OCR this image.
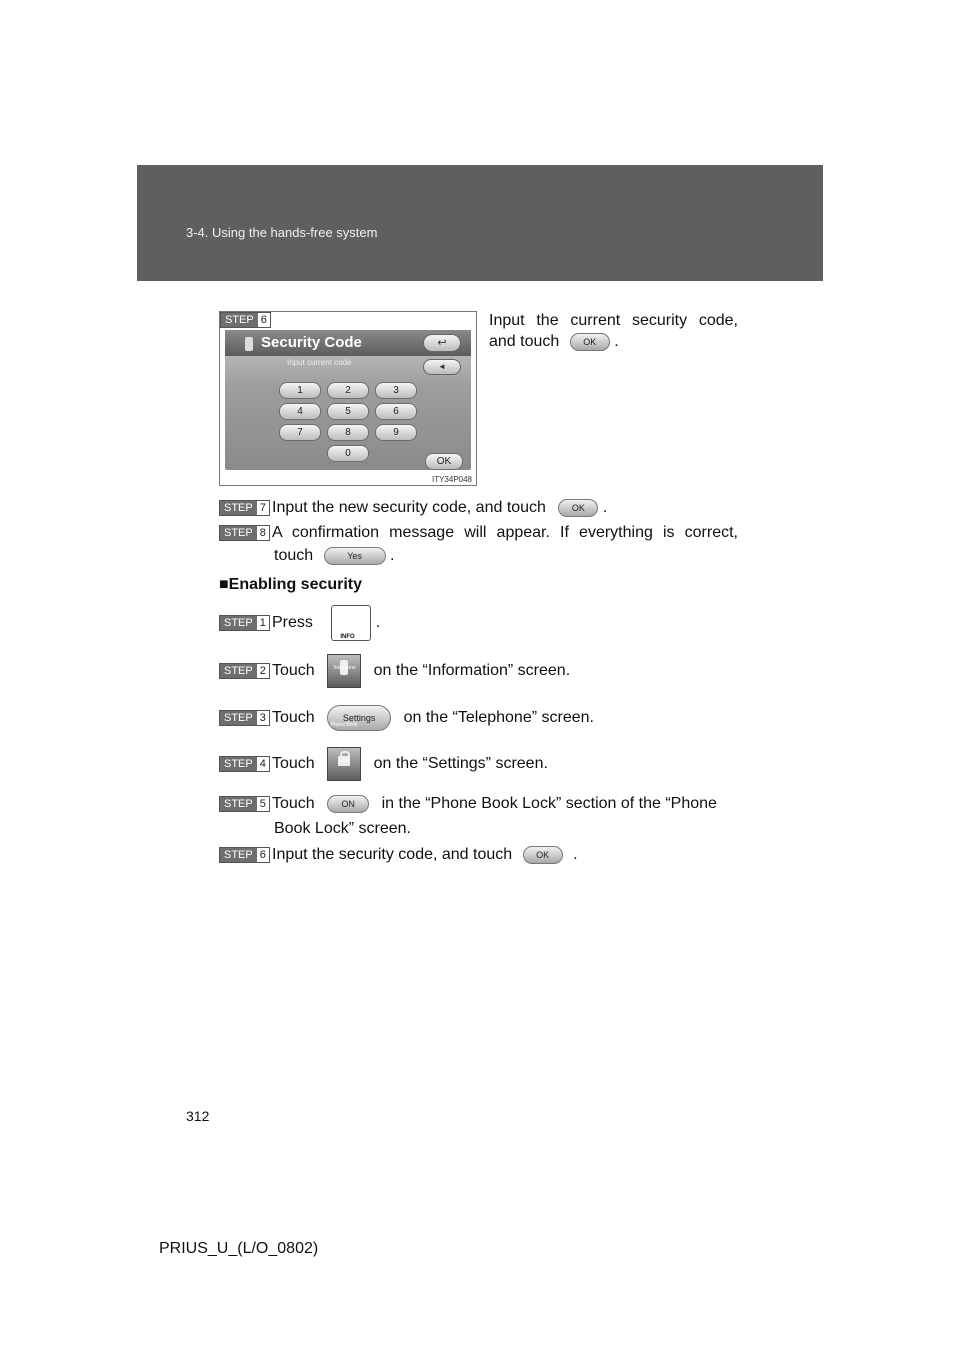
3-4. Using the hands-free system
STEP 6
Security Code	↩
Input current code	◄
1	2	3
4	5	6
7	8	9
0
OK
ITY34P048
Input the current security code,
and touch	OK .
STEP 7 Input the new security code, and touch	OK .
STEP 8 A confirmation message will appear. If everything is correct,
touch	Yes .
■Enabling security
STEP 1 Press
INFO
.
STEP 2 Touch	Telephone on the “Information” screen.
STEP 3 Touch	Settings on the “Telephone” screen.
STEP 4 Touch
Phone Book Lock	on the “Settings” screen.
STEP 5 Touch	ON in the “Phone Book Lock” section of the “Phone
Book Lock” screen.
STEP 6 Input the security code, and touch	OK .
312
PRIUS_U_(L/O_0802)
